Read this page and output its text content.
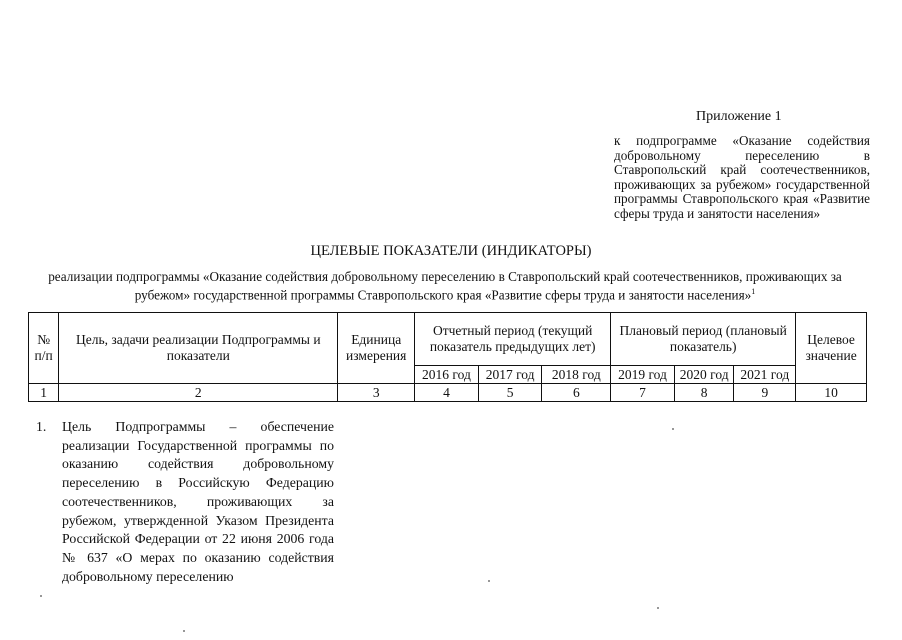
Приложение 1
к подпрограмме «Оказание содействия добровольному переселению в Ставропольский край соотечественников, проживающих за рубежом» государственной программы Ставропольского края «Развитие сферы труда и занятости населения»
ЦЕЛЕВЫЕ ПОКАЗАТЕЛИ (ИНДИКАТОРЫ)
реализации подпрограммы «Оказание содействия добровольному переселению в Ставропольский край соотечественников, проживающих за рубежом» государственной программы Ставропольского края «Развитие сферы труда и занятости населения»$^1$
№ п/п	Цель, задачи реализации Подпрограммы и показатели	Единица измерения	Отчетный период (текущий показатель предыдущих лет)			Плановый период (плановый показатель)			Целевое значение
			2016 год	2017 год	2018 год	2019 год	2020 год	2021 год	
1	2	3	4	5	6	7	8	9	10
1. Цель Подпрограммы – обеспечение реализации Государственной программы по оказанию содействия добровольному переселению в Российскую Федерацию соотечественников, проживающих за рубежом, утвержденной Указом Президента Российской Федерации от 22 июня 2006 года № 637 «О мерах по оказанию содействия добровольному переселению
